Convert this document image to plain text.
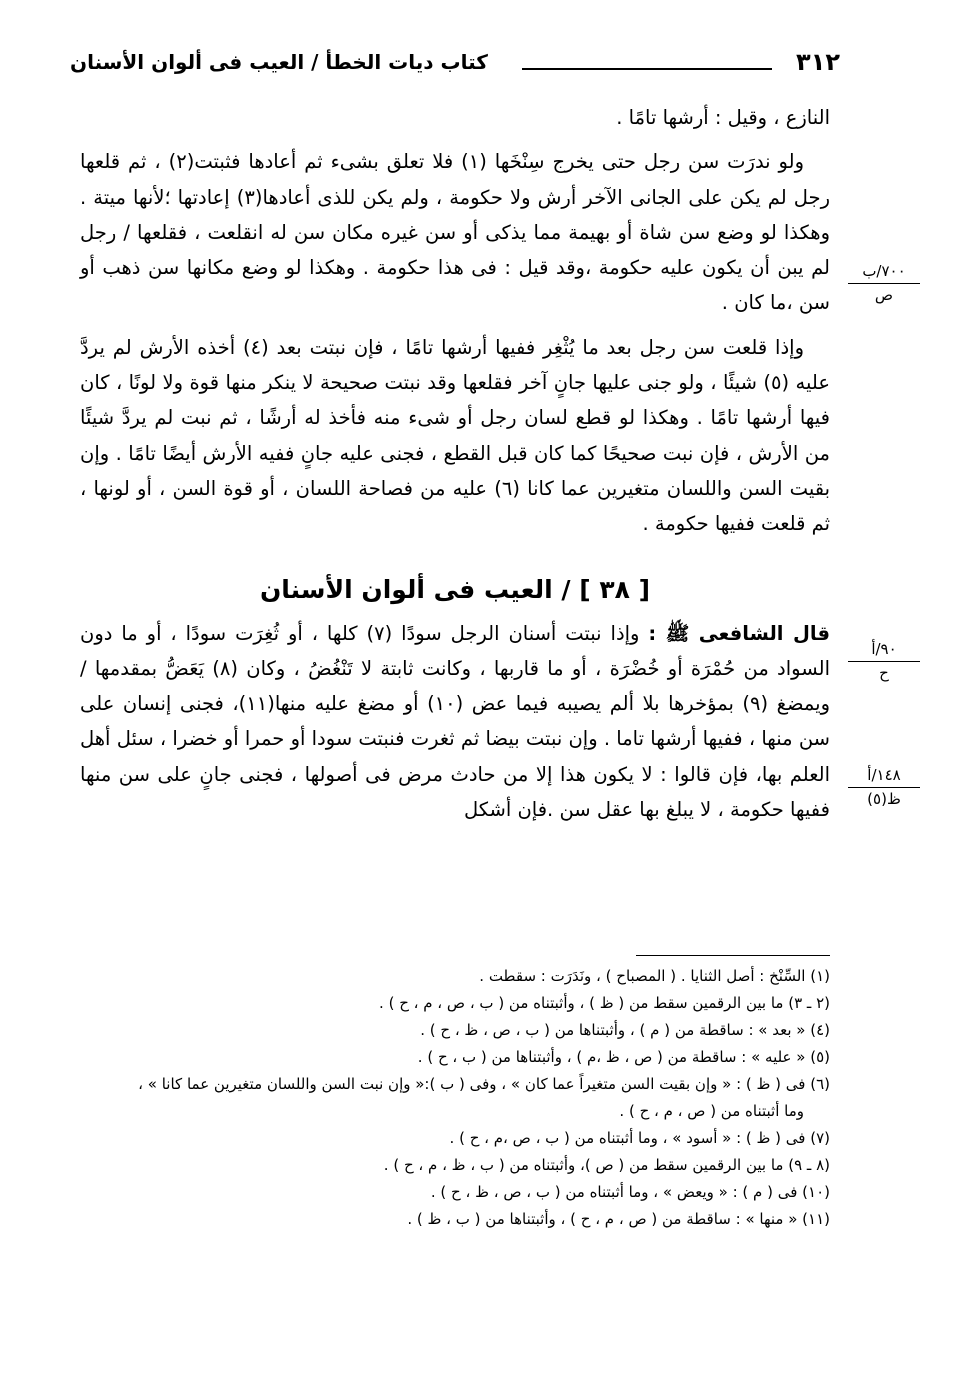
٣١٢
كتاب ديات الخطأ / العيب فى ألوان الأسنان

النازع ، وقيل : أرشها تامًا .

ولو ندرَت سن رجل حتى يخرج سِنْخَها (١) فلا تعلق بشىء ثم أعادها فثبتت(٢) ، ثم قلعها رجل لم يكن على الجانى الآخر أرش ولا حكومة ، ولم يكن للذى أعادها(٣) إعادتها ؛لأنها ميتة . وهكذا لو وضع سن شاة أو بهيمة مما يذكى أو سن غيره مكان سن له انقلعت ، فقلعها / رجل لم يبن أن يكون عليه حكومة ،وقد قيل : فى هذا حكومة . وهكذا لو وضع مكانها سن ذهب أو سن ،ما كان .

وإذا قلعت سن رجل بعد ما يُثْغِر ففيها أرشها تامًا ، فإن نبتت بعد (٤) أخذه الأرش لم يردَّ عليه (٥) شيئًا ، ولو جنى عليها جانٍ آخر فقلعها وقد نبتت صحيحة لا ينكر منها قوة ولا لونًا ، كان فيها أرشها تامًا . وهكذا لو قطع لسان رجل أو شىء منه فأخذ له أرشًا ، ثم نبت لم يردَّ شيئًا من الأرش ، فإن نبت صحيحًا كما كان قبل القطع ، فجنى عليه جانٍ ففيه الأرش أيضًا تامًا . وإن بقيت السن واللسان متغيرين عما كانا (٦) عليه من فصاحة اللسان ، أو قوة السن ، أو لونها ، ثم قلعت ففيها حكومة .

[ ٣٨ ] / العيب فى ألوان الأسنان

قال الشافعى ﷺ : وإذا نبتت أسنان الرجل سودًا (٧) كلها ، أو ثُغِرَت سودًا ، أو ما دون السواد من حُمْرَة أو خُضْرَة ، أو ما قاربها ، وكانت ثابتة لا تَنْغُضُ ، وكان (٨) يَعَضُّ بمقدمها / ويمضغ (٩) بمؤخرها بلا ألم يصيبه فيما عض (١٠) أو مضغ عليه منها(١١)، فجنى إنسان على سن منها ، ففيها أرشها تاما . وإن نبتت بيضا ثم ثغرت فنبتت سودا أو حمرا أو خضرا ، سئل أهل العلم بها، فإن قالوا : لا يكون هذا إلا من حادث مرض فى أصولها ، فجنى جانٍ على سن منها ففيها حكومة ، لا يبلغ بها عقل سن .فإن أشكل

٧٠٠/ب
ص
٩٠/أ
ح
١٤٨/أ
ظ(٥)

(١) السِّنْخ : أصل الثنايا . ( المصباح ) ، ونَدَرَت : سقطت .

(٢ ـ ٣) ما بين الرقمين سقط من ( ظ ) ، وأثبتناه من ( ب ، ص ، م ، ح ) .

(٤) « بعد » : ساقطة من ( م ) ، وأثبتناها من ( ب ، ص ، ظ ، ح ) .

(٥) « عليه » : ساقطة من ( ص ، ظ ،م ) ، وأثبتناها من ( ب ، ح ) .

(٦) فى ( ظ ) : « وإن بقيت السن متغيراً عما كان » ، وفى ( ب ):« وإن نبت السن واللسان متغيرين عما كانا » ،

وما أثبتناه من ( ص ، م ، ح ) .

(٧) فى ( ظ ) : « أسود » ، وما أثبتناه من ( ب ، ص ،م ، ح ) .

(٨ ـ ٩) ما بين الرقمين سقط من ( ص )، وأثبتناه من ( ب ، ظ ، م ، ح ) .

(١٠) فى ( م ) : « ويعض » ، وما أثبتناه من ( ب ، ص ، ظ ، ح ) .

(١١) « منها » : ساقطة من ( ص ، م ، ح ) ، وأثبتناها من ( ب ، ظ ) .
